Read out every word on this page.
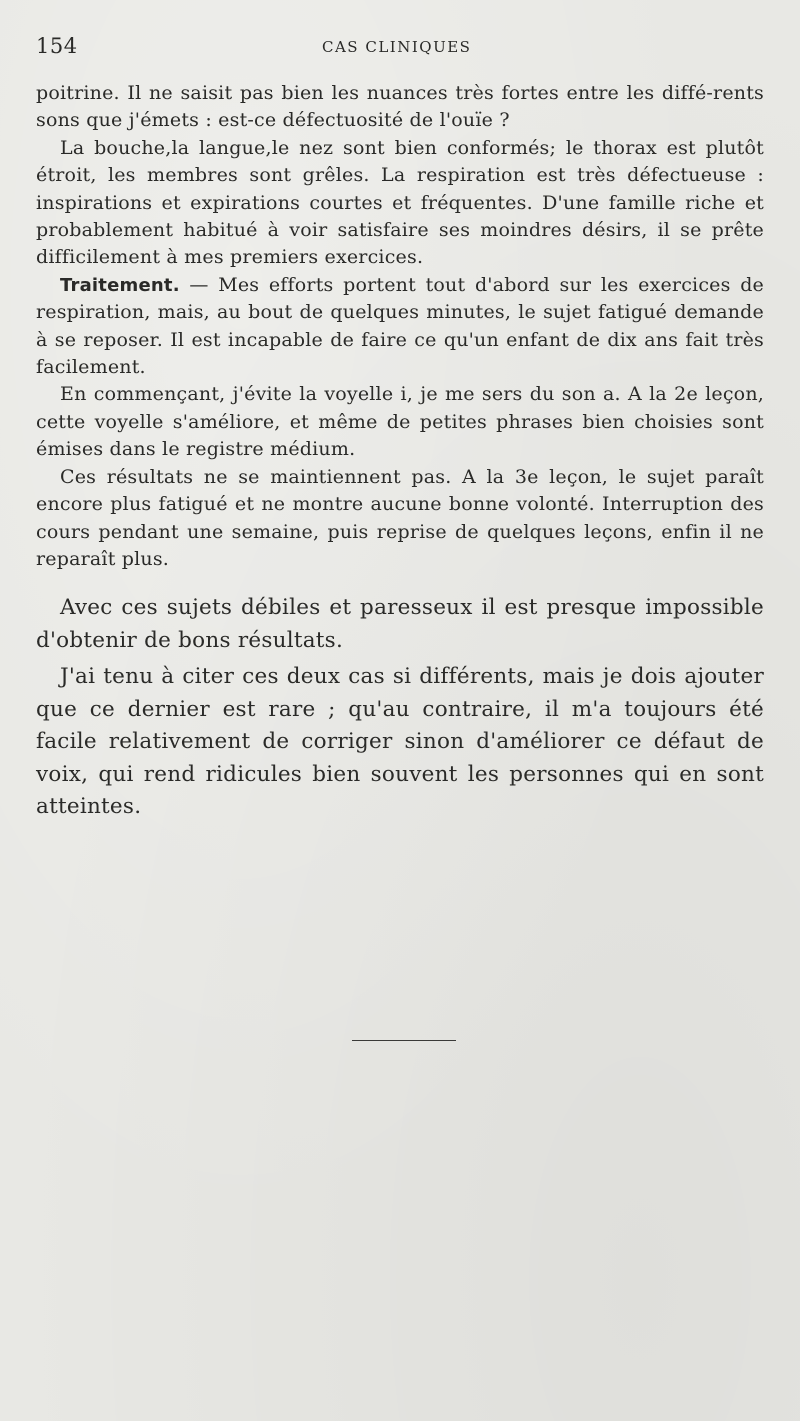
154	CAS CLINIQUES

poitrine. Il ne saisit pas bien les nuances très fortes entre les diffé-rents sons que j'émets : est-ce défectuosité de l'ouïe ?

La bouche,la langue,le nez sont bien conformés; le thorax est plutôt étroit, les membres sont grêles. La respiration est très défectueuse : inspirations et expirations courtes et fréquentes. D'une famille riche et probablement habitué à voir satisfaire ses moindres désirs, il se prête difficilement à mes premiers exercices.

Traitement. — Mes efforts portent tout d'abord sur les exercices de respiration, mais, au bout de quelques minutes, le sujet fatigué demande à se reposer. Il est incapable de faire ce qu'un enfant de dix ans fait très facilement.

En commençant, j'évite la voyelle i, je me sers du son a. A la 2e leçon, cette voyelle s'améliore, et même de petites phrases bien choisies sont émises dans le registre médium.

Ces résultats ne se maintiennent pas. A la 3e leçon, le sujet paraît encore plus fatigué et ne montre aucune bonne volonté. Interruption des cours pendant une semaine, puis reprise de quelques leçons, enfin il ne reparaît plus.

Avec ces sujets débiles et paresseux il est presque impossible d'obtenir de bons résultats.

J'ai tenu à citer ces deux cas si différents, mais je dois ajouter que ce dernier est rare ; qu'au contraire, il m'a toujours été facile relativement de corriger sinon d'améliorer ce défaut de voix, qui rend ridicules bien souvent les personnes qui en sont atteintes.
